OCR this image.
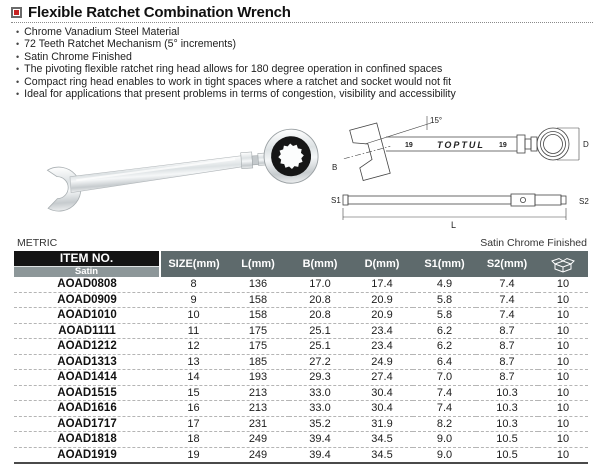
Flexible Ratchet Combination Wrench
• Chrome Vanadium Steel Material
• 72 Teeth Ratchet Mechanism (5° increments)
• Satin Chrome Finished
• The pivoting flexible ratchet ring head allows for 180 degree operation in confined spaces
• Compact ring head enables to work in tight spaces where a ratchet and socket would not fit
• Ideal for applications that present problems in terms of congestion, visibility and accessibility
B
15°
19	TOPTUL 19	D
S1	S2
L
METRIC	Satin Chrome Finished
ITEM NO.
Satin	SIZE(mm)	L(mm)	B(mm)	D(mm)	S1(mm)	S2(mm)	
AOAD0808	8	136	17.0	17.4	4.9	7.4	10
AOAD0909	9	158	20.8	20.9	5.8	7.4	10
AOAD1010	10	158	20.8	20.9	5.8	7.4	10
AOAD1111	11	175	25.1	23.4	6.2	8.7	10
AOAD1212	12	175	25.1	23.4	6.2	8.7	10
AOAD1313	13	185	27.2	24.9	6.4	8.7	10
AOAD1414	14	193	29.3	27.4	7.0	8.7	10
AOAD1515	15	213	33.0	30.4	7.4	10.3	10
AOAD1616	16	213	33.0	30.4	7.4	10.3	10
AOAD1717	17	231	35.2	31.9	8.2	10.3	10
AOAD1818	18	249	39.4	34.5	9.0	10.5	10
AOAD1919	19	249	39.4	34.5	9.0	10.5	10
